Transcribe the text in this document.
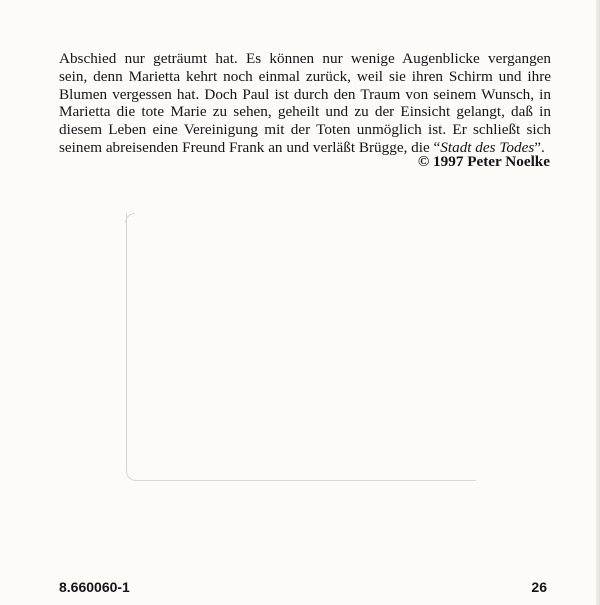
Abschied nur geträumt hat. Es können nur wenige Augenblicke vergangen
sein, denn Marietta kehrt noch einmal zurück, weil sie ihren Schirm und ihre
Blumen vergessen hat. Doch Paul ist durch den Traum von seinem Wunsch, in
Marietta die tote Marie zu sehen, geheilt und zu der Einsicht gelangt, daß in
diesem Leben eine Vereinigung mit der Toten unmöglich ist. Er schließt sich
seinem abreisenden Freund Frank an und verläßt Brügge, die “Stadt des Todes”.

© 1997 Peter Noelke

8.660060-1	26
